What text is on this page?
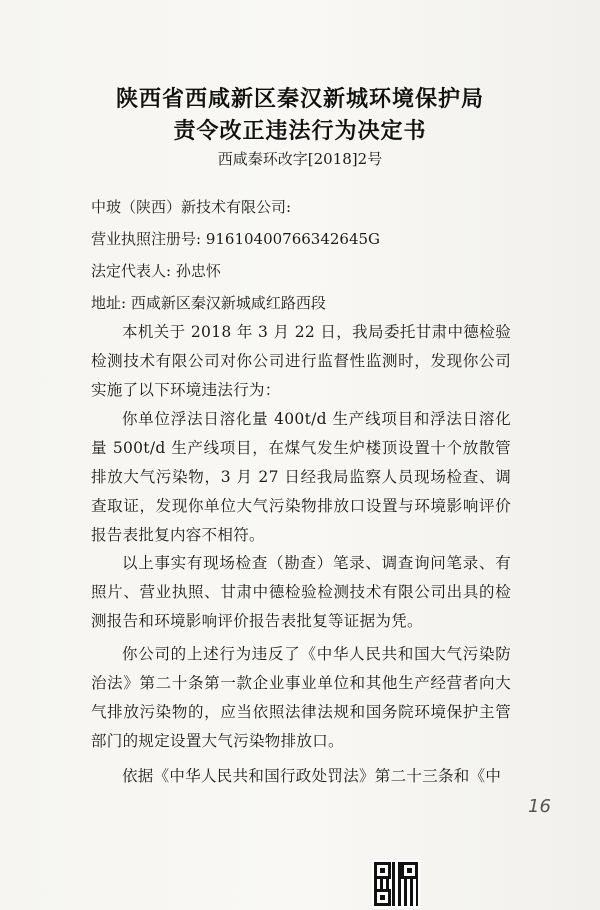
陕西省西咸新区秦汉新城环境保护局
责令改正违法行为决定书
西咸秦环改字[2018]2号
中玻（陕西）新技术有限公司:
营业执照注册号: 91610400766342645G
法定代表人: 孙忠怀
地址: 西咸新区秦汉新城咸红路西段
本机关于 2018 年 3 月 22 日，我局委托甘肃中德检验检测技术有限公司对你公司进行监督性监测时，发现你公司实施了以下环境违法行为：
你单位浮法日溶化量 400t/d 生产线项目和浮法日溶化量 500t/d 生产线项目，在煤气发生炉楼顶设置十个放散管排放大气污染物，3 月 27 日经我局监察人员现场检查、调查取证，发现你单位大气污染物排放口设置与环境影响评价报告表批复内容不相符。
以上事实有现场检查（勘查）笔录、调查询问笔录、有照片、营业执照、甘肃中德检验检测技术有限公司出具的检测报告和环境影响评价报告表批复等证据为凭。
你公司的上述行为违反了《中华人民共和国大气污染防治法》第二十条第一款企业事业单位和其他生产经营者向大气排放污染物的，应当依照法律法规和国务院环境保护主管部门的规定设置大气污染物排放口。
依据《中华人民共和国行政处罚法》第二十三条和《中
16
